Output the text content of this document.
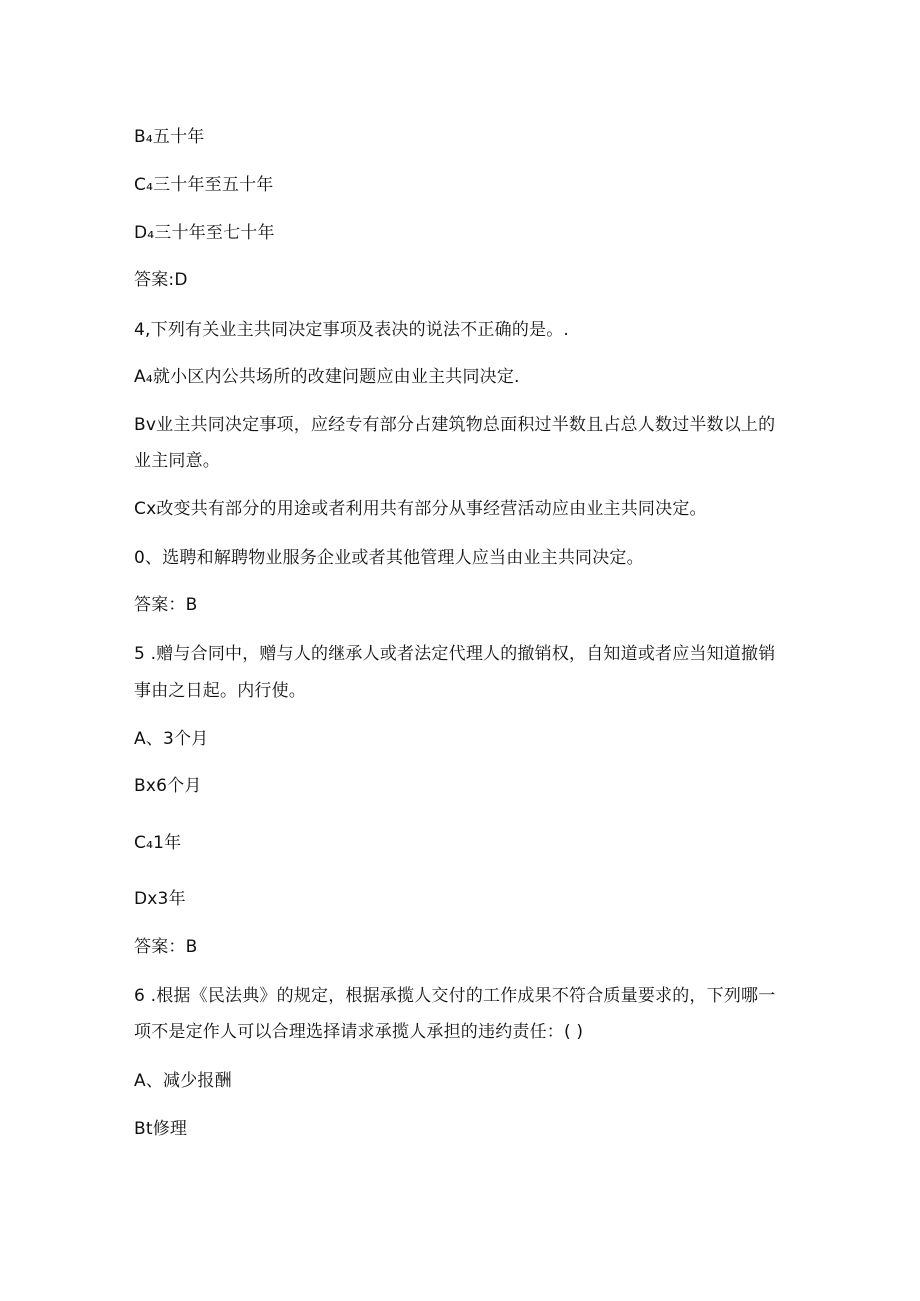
B₄五十年
C₄三十年至五十年
D₄三十年至七十年
答案:D
4,下列有关业主共同决定事项及表决的说法不正确的是。.
A₄就小区内公共场所的改建问题应由业主共同决定.
Bv业主共同决定事项，应经专有部分占建筑物总面积过半数且占总人数过半数以上的
业主同意。
Cx改变共有部分的用途或者利用共有部分从事经营活动应由业主共同决定。
0、选聘和解聘物业服务企业或者其他管理人应当由业主共同决定。
答案：B
5 .赠与合同中，赠与人的继承人或者法定代理人的撤销权，自知道或者应当知道撤销
事由之日起。内行使。
A、3个月
Bx6个月
C₄1年
Dx3年
答案：B
6 .根据《民法典》的规定，根据承揽人交付的工作成果不符合质量要求的，下列哪一
项不是定作人可以合理选择请求承揽人承担的违约责任：( )
A、减少报酬
Bt修理
